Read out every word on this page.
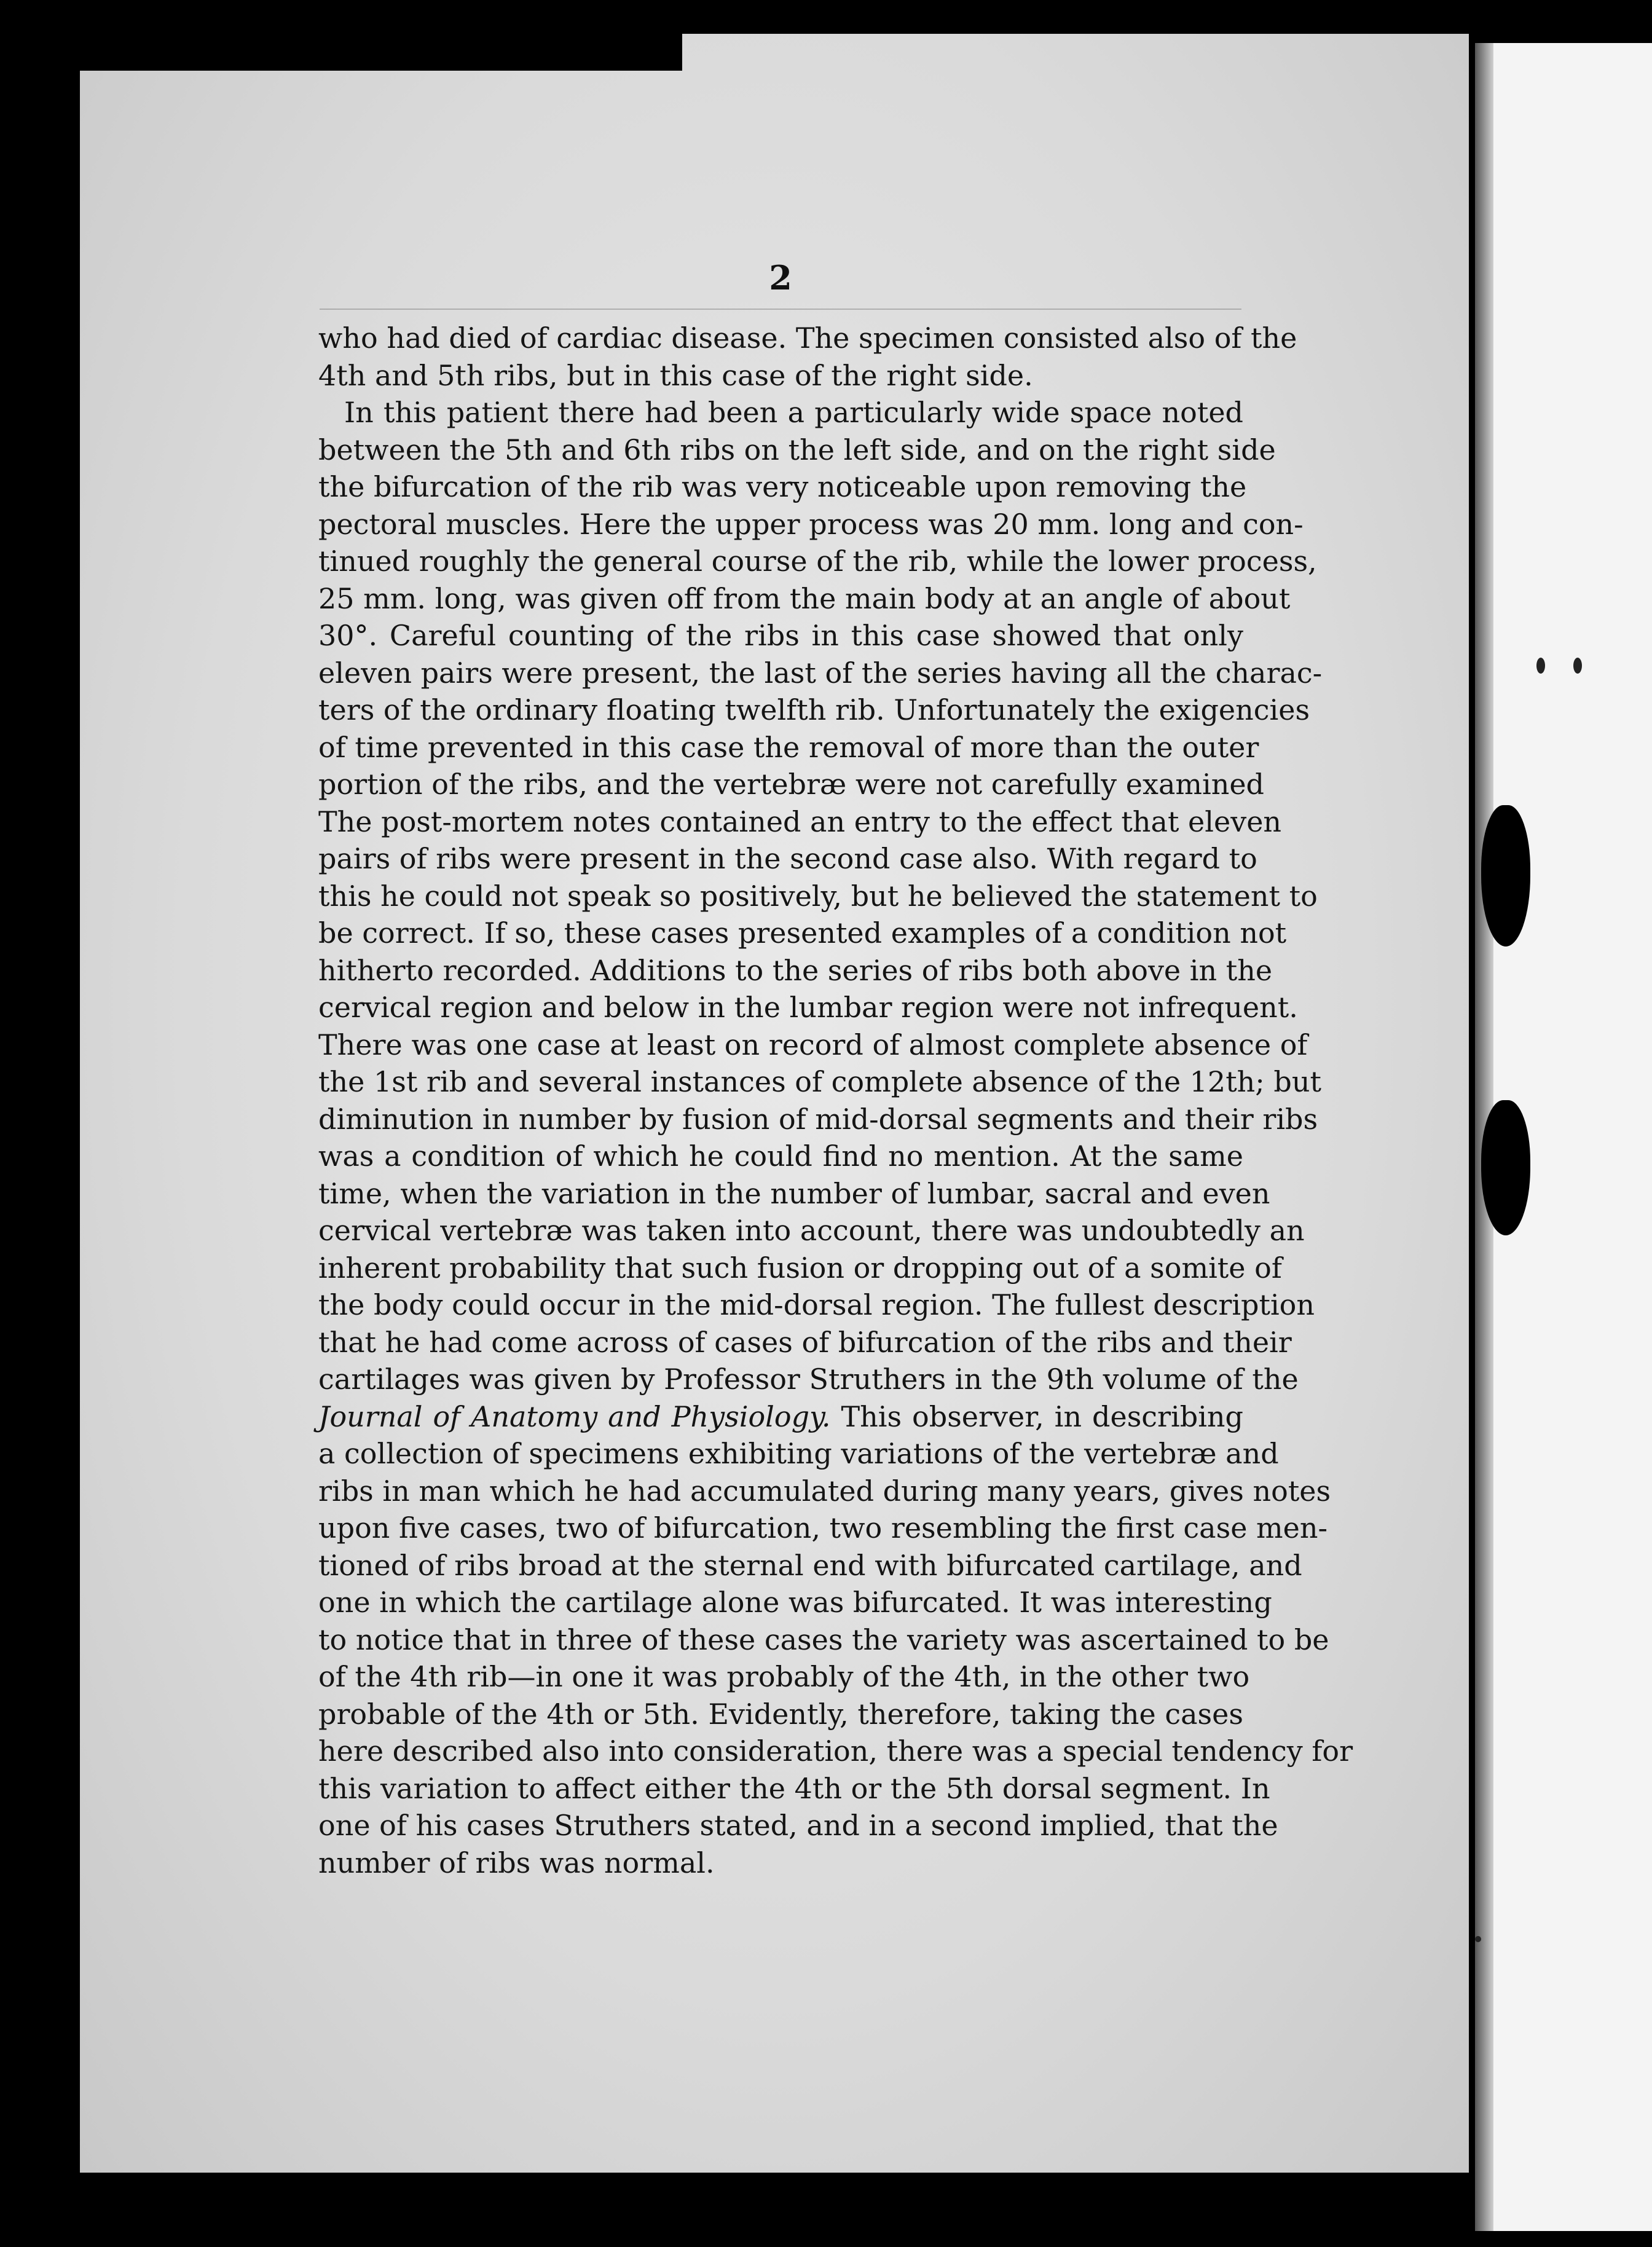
2

who had died of cardiac disease. The specimen consisted also of the
4th and 5th ribs, but in this case of the right side.

In this patient there had been a particularly wide space noted
between the 5th and 6th ribs on the left side, and on the right side
the bifurcation of the rib was very noticeable upon removing the
pectoral muscles. Here the upper process was 20 mm. long and con-
tinued roughly the general course of the rib, while the lower process,
25 mm. long, was given off from the main body at an angle of about
30°. Careful counting of the ribs in this case showed that only
eleven pairs were present, the last of the series having all the charac-
ters of the ordinary floating twelfth rib. Unfortunately the exigencies
of time prevented in this case the removal of more than the outer
portion of the ribs, and the vertebræ were not carefully examined
The post-mortem notes contained an entry to the effect that eleven
pairs of ribs were present in the second case also. With regard to
this he could not speak so positively, but he believed the statement to
be correct. If so, these cases presented examples of a condition not
hitherto recorded. Additions to the series of ribs both above in the
cervical region and below in the lumbar region were not infrequent.
There was one case at least on record of almost complete absence of
the 1st rib and several instances of complete absence of the 12th; but
diminution in number by fusion of mid-dorsal segments and their ribs
was a condition of which he could find no mention. At the same
time, when the variation in the number of lumbar, sacral and even
cervical vertebræ was taken into account, there was undoubtedly an
inherent probability that such fusion or dropping out of a somite of
the body could occur in the mid-dorsal region. The fullest description
that he had come across of cases of bifurcation of the ribs and their
cartilages was given by Professor Struthers in the 9th volume of the

Journal of Anatomy and Physiology. This observer, in describing
a collection of specimens exhibiting variations of the vertebræ and
ribs in man which he had accumulated during many years, gives notes
upon five cases, two of bifurcation, two resembling the first case men-
tioned of ribs broad at the sternal end with bifurcated cartilage, and
one in which the cartilage alone was bifurcated. It was interesting
to notice that in three of these cases the variety was ascertained to be
of the 4th rib—in one it was probably of the 4th, in the other two
probable of the 4th or 5th. Evidently, therefore, taking the cases
here described also into consideration, there was a special tendency for
this variation to affect either the 4th or the 5th dorsal segment. In
one of his cases Struthers stated, and in a second implied, that the
number of ribs was normal.
